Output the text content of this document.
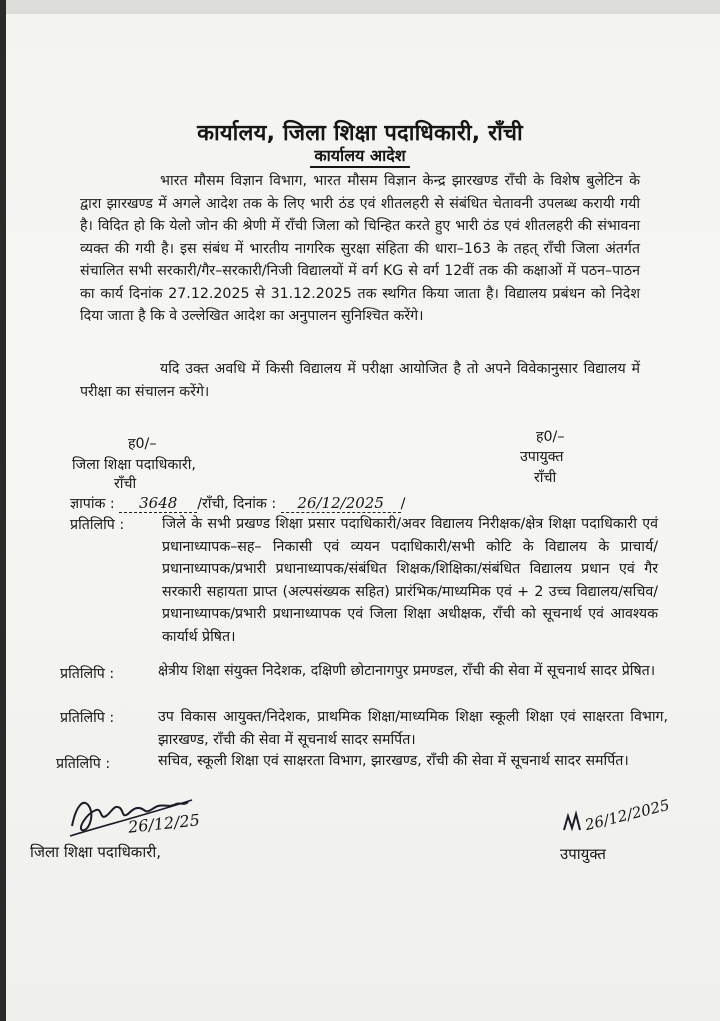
कार्यालय, जिला शिक्षा पदाधिकारी, राँची
कार्यालय आदेश
भारत मौसम विज्ञान विभाग, भारत मौसम विज्ञान केन्द्र झारखण्ड राँची के विशेष बुलेटिन के द्वारा झारखण्ड में अगले आदेश तक के लिए भारी ठंड एवं शीतलहरी से संबंधित चेतावनी उपलब्ध करायी गयी है। विदित हो कि येलो जोन की श्रेणी में राँची जिला को चिन्हित करते हुए भारी ठंड एवं शीतलहरी की संभावना व्यक्त की गयी है। इस संबंध में भारतीय नागरिक सुरक्षा संहिता की धारा–163 के तहत् राँची जिला अंतर्गत संचालित सभी सरकारी/गैर–सरकारी/निजी विद्यालयों में वर्ग KG से वर्ग 12वीं तक की कक्षाओं में पठन–पाठन का कार्य दिनांक 27.12.2025 से 31.12.2025 तक स्थगित किया जाता है। विद्यालय प्रबंधन को निदेश दिया जाता है कि वे उल्लेखित आदेश का अनुपालन सुनिश्चित करेंगे।
यदि उक्त अवधि में किसी विद्यालय में परीक्षा आयोजित है तो अपने विवेकानुसार विद्यालय में परीक्षा का संचालन करेंगे।
ह0/–
जिला शिक्षा पदाधिकारी,
राँची
ह0/–
उपायुक्त
राँची
ज्ञापांक : 3648 /राँची, दिनांक : 26/12/2025 /
प्रतिलिपि :	जिले के सभी प्रखण्ड शिक्षा प्रसार पदाधिकारी/अवर विद्यालय निरीक्षक/क्षेत्र शिक्षा पदाधिकारी एवं प्रधानाध्यापक–सह– निकासी एवं व्ययन पदाधिकारी/सभी कोटि के विद्यालय के प्राचार्य/प्रधानाध्यापक/प्रभारी प्रधानाध्यापक/संबंधित शिक्षक/शिक्षिका/संबंधित विद्यालय प्रधान एवं गैर सरकारी सहायता प्राप्त (अल्पसंख्यक सहित) प्रारंभिक/माध्यमिक एवं + 2 उच्च विद्यालय/सचिव/प्रधानाध्यापक/प्रभारी प्रधानाध्यापक एवं जिला शिक्षा अधीक्षक, राँची को सूचनार्थ एवं आवश्यक कार्यार्थ प्रेषित।
प्रतिलिपि :	क्षेत्रीय शिक्षा संयुक्त निदेशक, दक्षिणी छोटानागपुर प्रमण्डल, राँची की सेवा में सूचनार्थ सादर प्रेषित।
प्रतिलिपि :	उप विकास आयुक्त/निदेशक, प्राथमिक शिक्षा/माध्यमिक शिक्षा स्कूली शिक्षा एवं साक्षरता विभाग, झारखण्ड, राँची की सेवा में सूचनार्थ सादर समर्पित।
प्रतिलिपि :	सचिव, स्कूली शिक्षा एवं साक्षरता विभाग, झारखण्ड, राँची की सेवा में सूचनार्थ सादर समर्पित।
26/12/25
जिला शिक्षा पदाधिकारी,
26/12/2025
उपायुक्त
